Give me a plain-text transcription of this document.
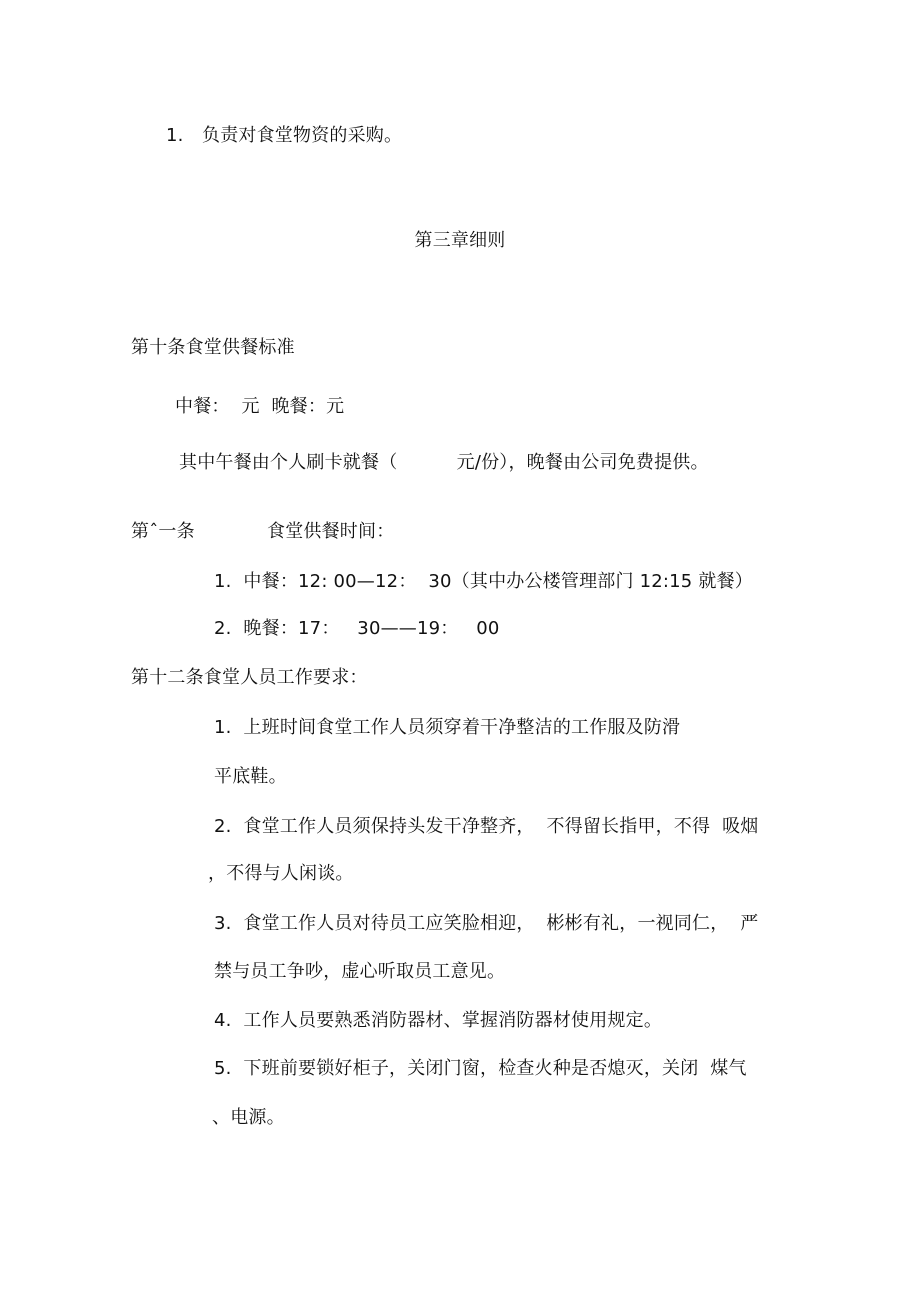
1. 负责对食堂物资的采购。
第三章细则
第十条食堂供餐标准
中餐：  元  晚餐：元
其中午餐由个人刷卡就餐（          元/份），晚餐由公司免费提供。
第ˆ一条	食堂供餐时间：
1.  中餐：12: 00—12：  30（其中办公楼管理部门 12:15 就餐）
2.  晚餐：17：   30——19：   00
第十二条食堂人员工作要求：
1.  上班时间食堂工作人员须穿着干净整洁的工作服及防滑
平底鞋。
2.  食堂工作人员须保持头发干净整齐，  不得留长指甲，不得  吸烟
，不得与人闲谈。
3.  食堂工作人员对待员工应笑脸相迎，  彬彬有礼，一视同仁，  严
禁与员工争吵，虚心听取员工意见。
4.  工作人员要熟悉消防器材、掌握消防器材使用规定。
5.  下班前要锁好柜子，关闭门窗，检查火种是否熄灭，关闭  煤气
、电源。
